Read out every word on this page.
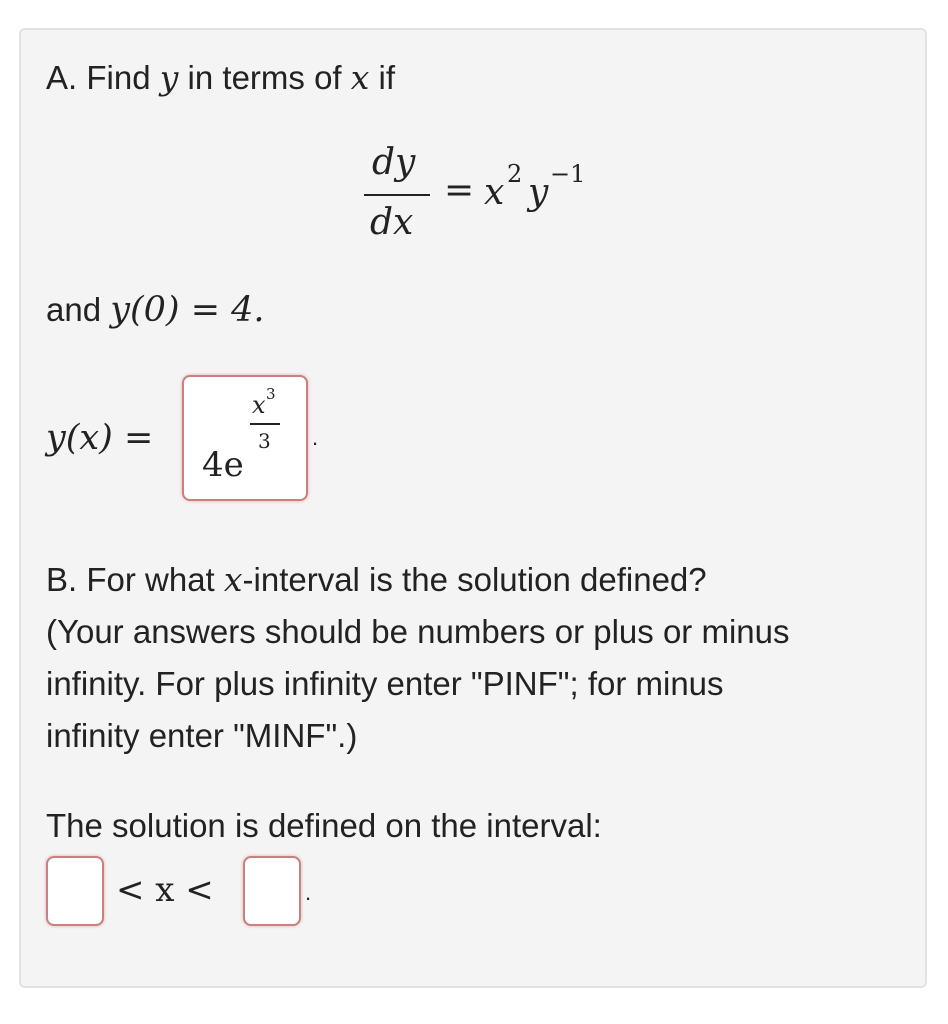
A. Find y in terms of x if
dy
dx
= x 2 y −1
and y(0) = 4.
y(x) =
4e
x 3
3 .
B. For what x-interval is the solution defined?
(Your answers should be numbers or plus or minus
infinity. For plus infinity enter "PINF"; for minus
infinity enter "MINF".)
The solution is defined on the interval:
< x <	.
